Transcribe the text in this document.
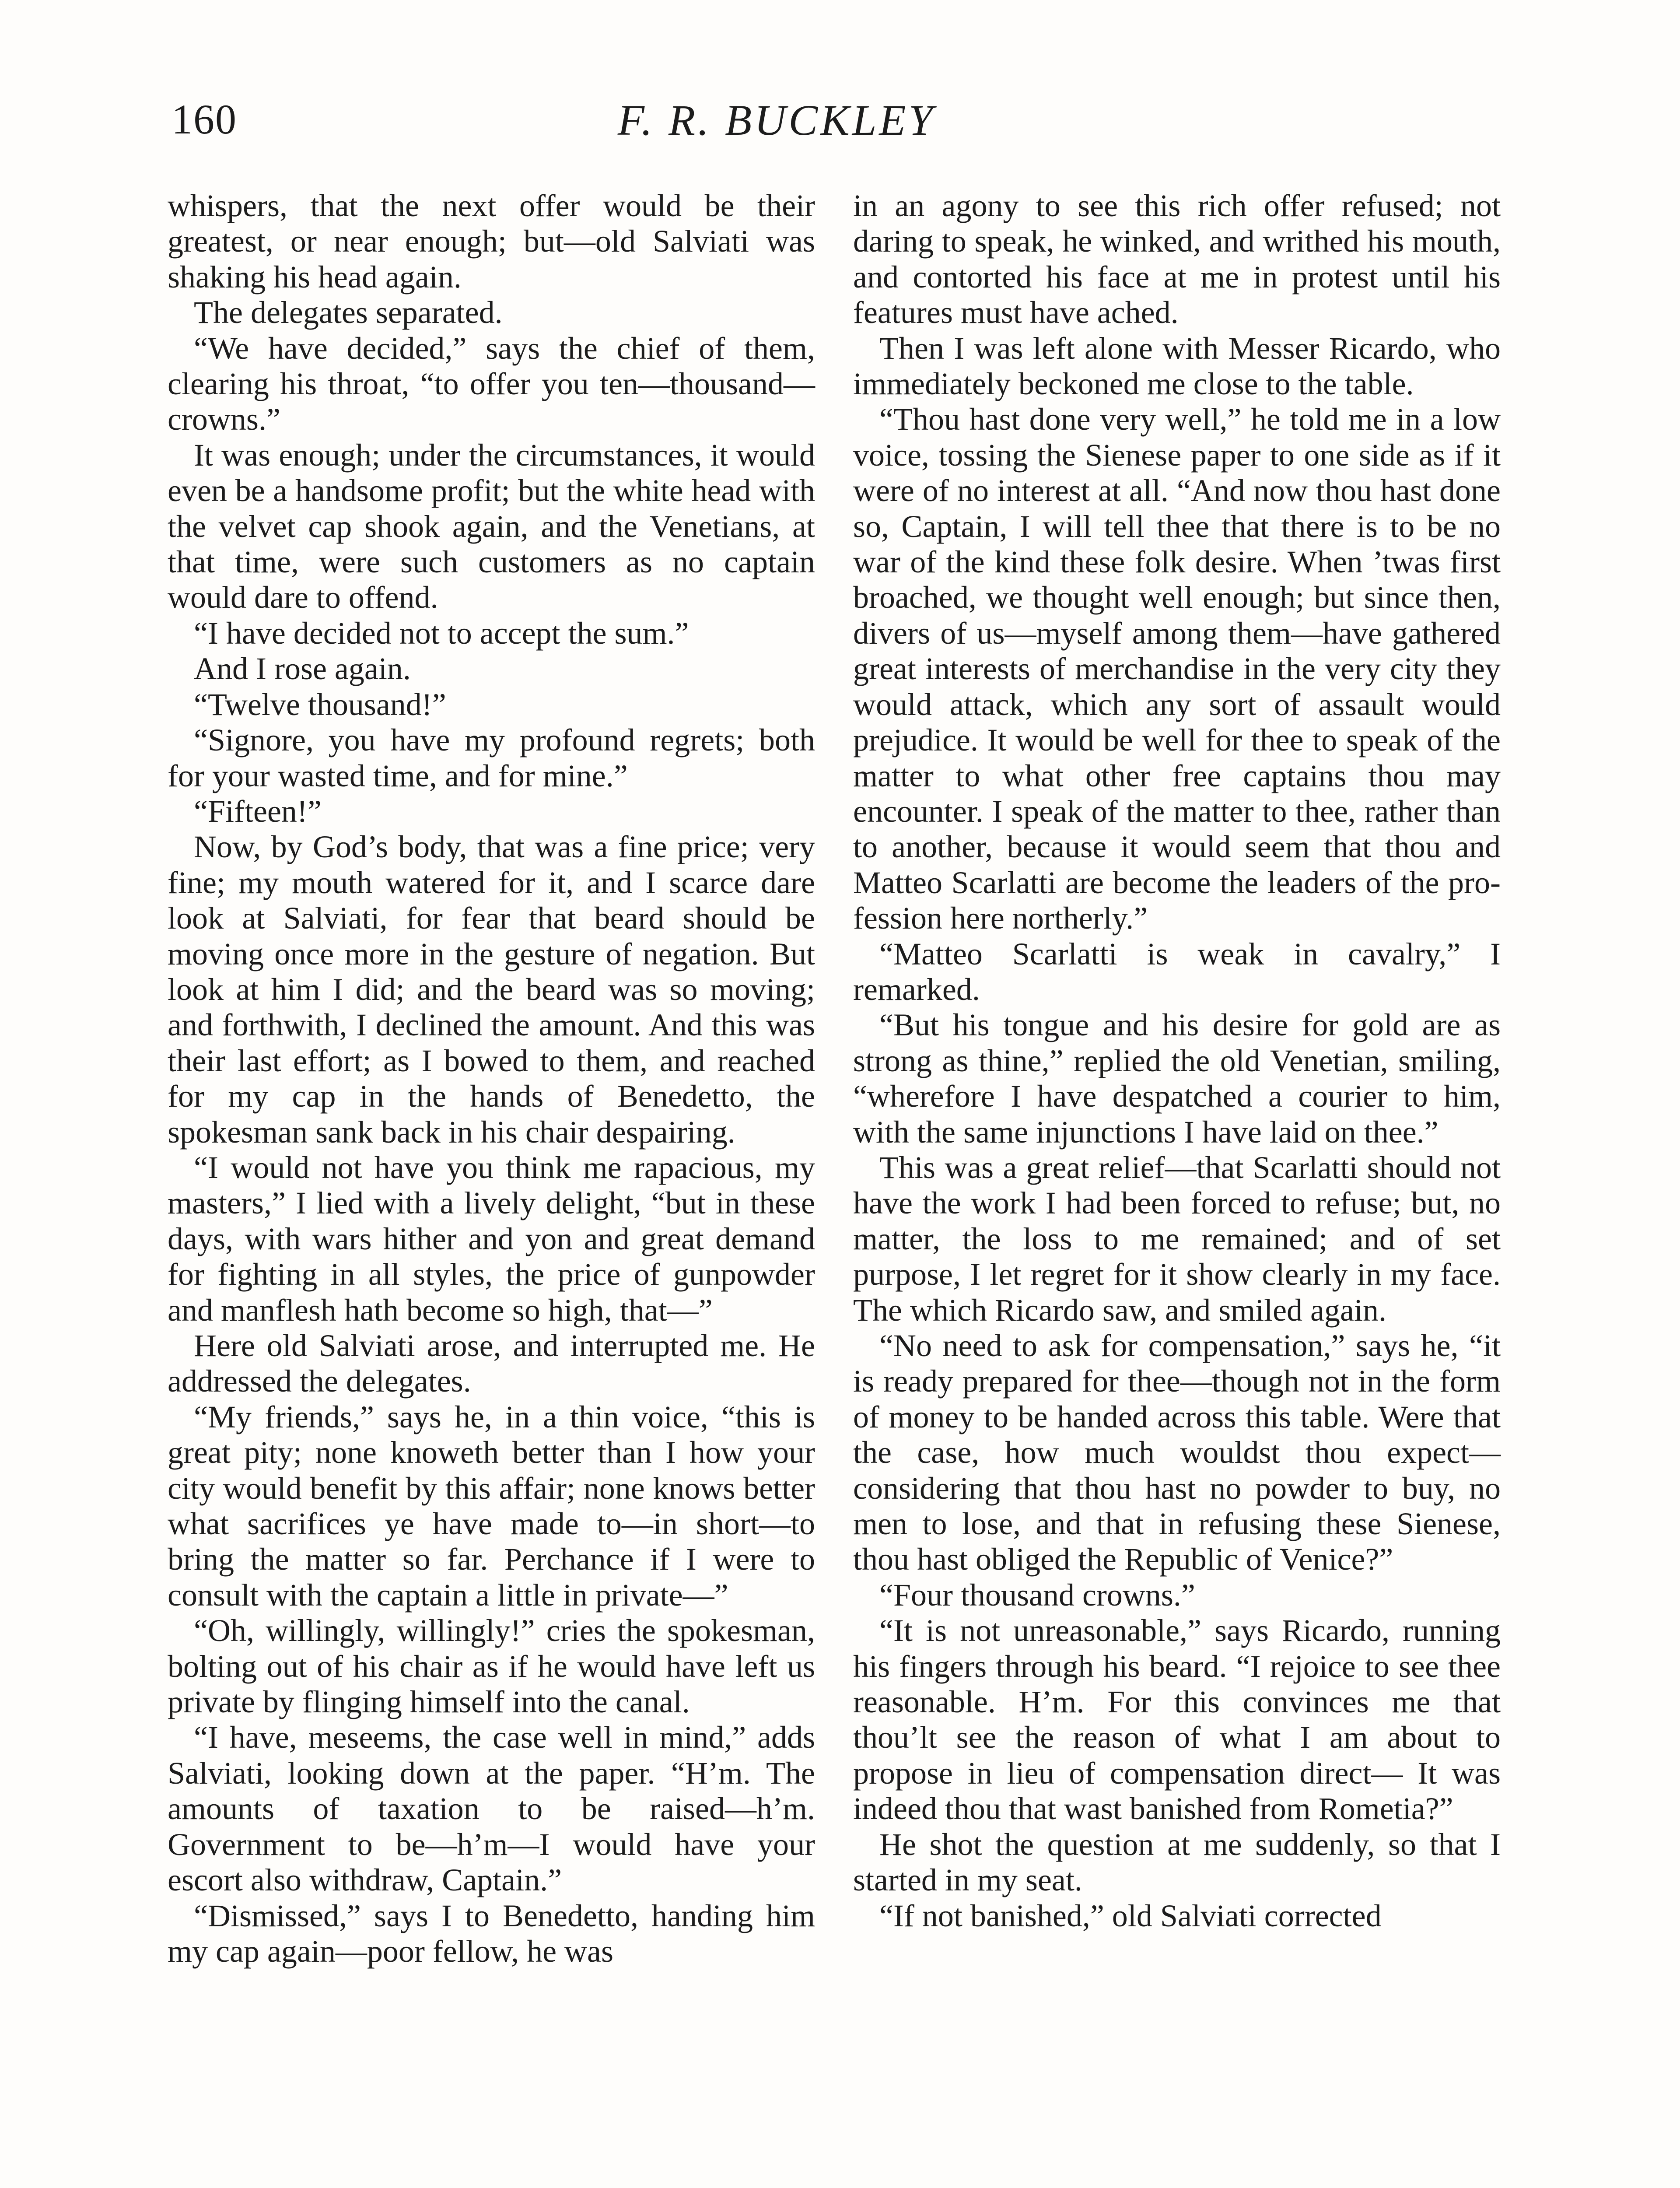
160	F. R. BUCKLEY

whispers, that the next offer would be their greatest, or near enough; but—old Salviati was shaking his head again.

The delegates separated.

“We have decided,” says the chief of them, clearing his throat, “to offer you ten—thousand—crowns.”

It was enough; under the circumstances, it would even be a handsome profit; but the white head with the velvet cap shook again, and the Venetians, at that time, were such customers as no captain would dare to offend.

“I have decided not to accept the sum.”

And I rose again.

“Twelve thousand!”

“Signore, you have my profound regrets; both for your wasted time, and for mine.”

“Fifteen!”

Now, by God’s body, that was a fine price; very fine; my mouth watered for it, and I scarce dare look at Salviati, for fear that beard should be moving once more in the gesture of negation. But look at him I did; and the beard was so moving; and forthwith, I declined the amount. And this was their last effort; as I bowed to them, and reached for my cap in the hands of Benedetto, the spokesman sank back in his chair despairing.

“I would not have you think me rapacious, my masters,” I lied with a lively delight, “but in these days, with wars hither and yon and great demand for fighting in all styles, the price of gunpowder and manflesh hath become so high, that—”

Here old Salviati arose, and interrupted me. He addressed the delegates.

“My friends,” says he, in a thin voice, “this is great pity; none knoweth better than I how your city would benefit by this affair; none knows better what sacrifices ye have made to—in short—to bring the matter so far. Perchance if I were to consult with the captain a little in private—”

“Oh, willingly, willingly!” cries the spokesman, bolting out of his chair as if he would have left us private by flinging himself into the canal.

“I have, meseems, the case well in mind,” adds Salviati, looking down at the paper. “H’m. The amounts of taxation to be raised—h’m. Government to be—h’m—I would have your escort also withdraw, Captain.”

“Dismissed,” says I to Benedetto, handing him my cap again—poor fellow, he was

in an agony to see this rich offer refused; not daring to speak, he winked, and writhed his mouth, and contorted his face at me in protest until his features must have ached.

Then I was left alone with Messer Ricardo, who immediately beckoned me close to the table.

“Thou hast done very well,” he told me in a low voice, tossing the Sienese paper to one side as if it were of no interest at all. “And now thou hast done so, Captain, I will tell thee that there is to be no war of the kind these folk desire. When ’twas first broached, we thought well enough; but since then, divers of us—myself among them—have gathered great interests of merchandise in the very city they would attack, which any sort of assault would prejudice. It would be well for thee to speak of the matter to what other free captains thou may encounter. I speak of the matter to thee, rather than to another, because it would seem that thou and Matteo Scarlatti are become the leaders of the profession here northerly.”

“Matteo Scarlatti is weak in cavalry,” I remarked.

“But his tongue and his desire for gold are as strong as thine,” replied the old Venetian, smiling, “wherefore I have despatched a courier to him, with the same injunctions I have laid on thee.”

This was a great relief—that Scarlatti should not have the work I had been forced to refuse; but, no matter, the loss to me remained; and of set purpose, I let regret for it show clearly in my face. The which Ricardo saw, and smiled again.

“No need to ask for compensation,” says he, “it is ready prepared for thee—though not in the form of money to be handed across this table. Were that the case, how much wouldst thou expect—considering that thou hast no powder to buy, no men to lose, and that in refusing these Sienese, thou hast obliged the Republic of Venice?”

“Four thousand crowns.”

“It is not unreasonable,” says Ricardo, running his fingers through his beard. “I rejoice to see thee reasonable. H’m. For this convinces me that thou’lt see the reason of what I am about to propose in lieu of compensation direct— It was indeed thou that wast banished from Rometia?”

He shot the question at me suddenly, so that I started in my seat.

“If not banished,” old Salviati corrected
